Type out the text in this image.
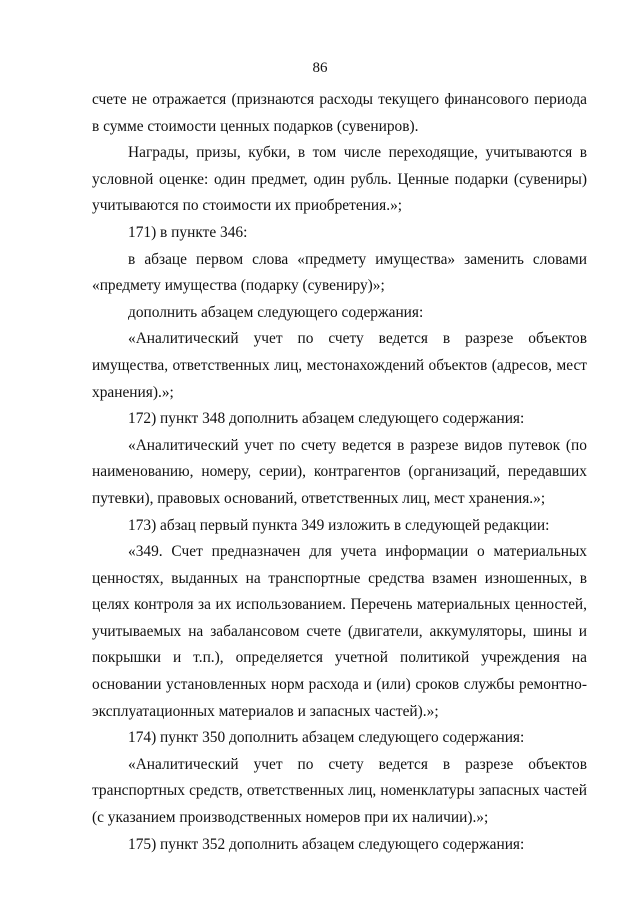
86

счете не отражается (признаются расходы текущего финансового периода в сумме стоимости ценных подарков (сувениров).

Награды, призы, кубки, в том числе переходящие, учитываются в условной оценке: один предмет, один рубль. Ценные подарки (сувениры) учитываются по стоимости их приобретения.»;

171) в пункте 346:

в абзаце первом слова «предмету имущества» заменить словами «предмету имущества (подарку (сувениру)»;

дополнить абзацем следующего содержания:

«Аналитический учет по счету ведется в разрезе объектов имущества, ответственных лиц, местонахождений объектов (адресов, мест хранения).»;

172) пункт 348 дополнить абзацем следующего содержания:

«Аналитический учет по счету ведется в разрезе видов путевок (по наименованию, номеру, серии), контрагентов (организаций, передавших путевки), правовых оснований, ответственных лиц, мест хранения.»;

173) абзац первый пункта 349 изложить в следующей редакции:

«349. Счет предназначен для учета информации о материальных ценностях, выданных на транспортные средства взамен изношенных, в целях контроля за их использованием. Перечень материальных ценностей, учитываемых на забалансовом счете (двигатели, аккумуляторы, шины и покрышки и т.п.), определяется учетной политикой учреждения на основании установленных норм расхода и (или) сроков службы ремонтно-эксплуатационных материалов и запасных частей).»;

174) пункт 350 дополнить абзацем следующего содержания:

«Аналитический учет по счету ведется в разрезе объектов транспортных средств, ответственных лиц, номенклатуры запасных частей (с указанием производственных номеров при их наличии).»;

175) пункт 352 дополнить абзацем следующего содержания:
